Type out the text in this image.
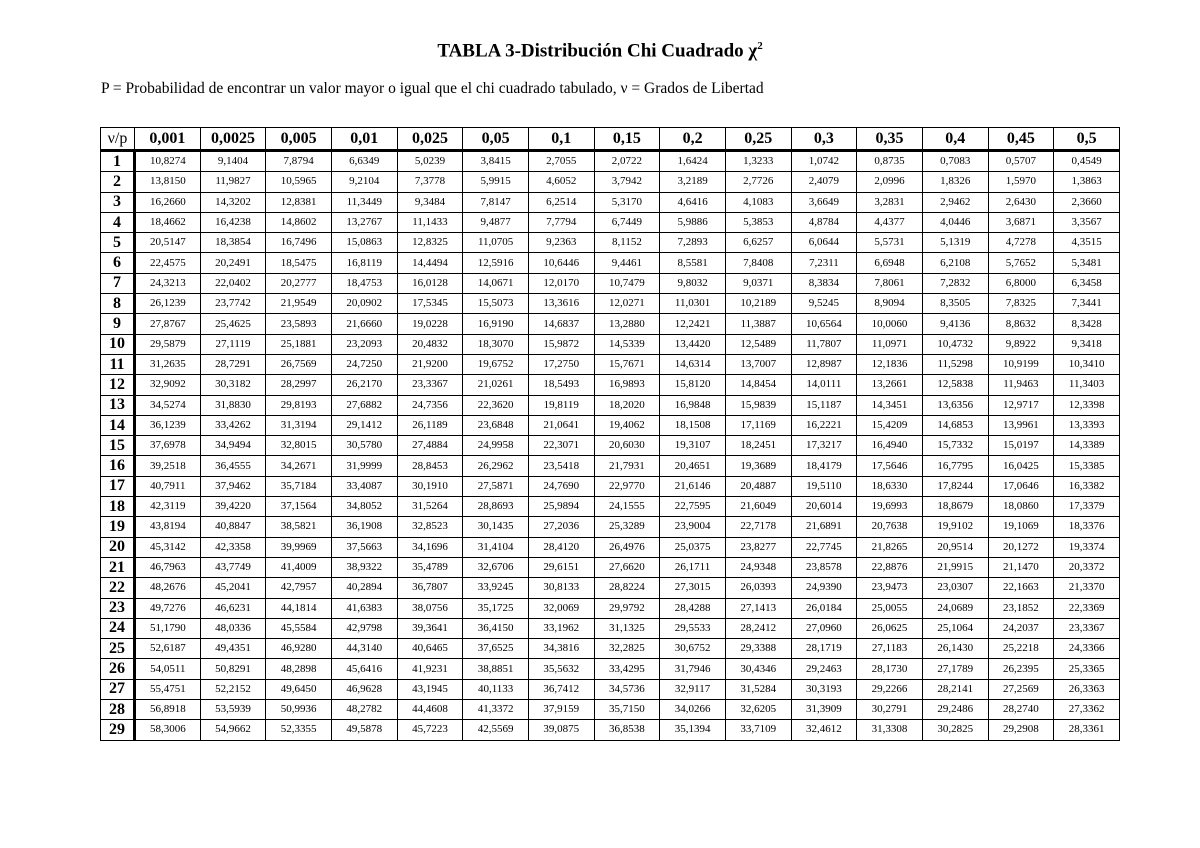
TABLA 3-Distribución Chi Cuadrado $\chi^2$
P = Probabilidad de encontrar un valor mayor o igual que el chi cuadrado tabulado, ν = Grados de Libertad
ν/p	0,001	0,0025	0,005	0,01	0,025	0,05	0,1	0,15	0,2	0,25	0,3	0,35	0,4	0,45	0,5
1	10,8274	9,1404	7,8794	6,6349	5,0239	3,8415	2,7055	2,0722	1,6424	1,3233	1,0742	0,8735	0,7083	0,5707	0,4549
2	13,8150	11,9827	10,5965	9,2104	7,3778	5,9915	4,6052	3,7942	3,2189	2,7726	2,4079	2,0996	1,8326	1,5970	1,3863
3	16,2660	14,3202	12,8381	11,3449	9,3484	7,8147	6,2514	5,3170	4,6416	4,1083	3,6649	3,2831	2,9462	2,6430	2,3660
4	18,4662	16,4238	14,8602	13,2767	11,1433	9,4877	7,7794	6,7449	5,9886	5,3853	4,8784	4,4377	4,0446	3,6871	3,3567
5	20,5147	18,3854	16,7496	15,0863	12,8325	11,0705	9,2363	8,1152	7,2893	6,6257	6,0644	5,5731	5,1319	4,7278	4,3515
6	22,4575	20,2491	18,5475	16,8119	14,4494	12,5916	10,6446	9,4461	8,5581	7,8408	7,2311	6,6948	6,2108	5,7652	5,3481
7	24,3213	22,0402	20,2777	18,4753	16,0128	14,0671	12,0170	10,7479	9,8032	9,0371	8,3834	7,8061	7,2832	6,8000	6,3458
8	26,1239	23,7742	21,9549	20,0902	17,5345	15,5073	13,3616	12,0271	11,0301	10,2189	9,5245	8,9094	8,3505	7,8325	7,3441
9	27,8767	25,4625	23,5893	21,6660	19,0228	16,9190	14,6837	13,2880	12,2421	11,3887	10,6564	10,0060	9,4136	8,8632	8,3428
10	29,5879	27,1119	25,1881	23,2093	20,4832	18,3070	15,9872	14,5339	13,4420	12,5489	11,7807	11,0971	10,4732	9,8922	9,3418
11	31,2635	28,7291	26,7569	24,7250	21,9200	19,6752	17,2750	15,7671	14,6314	13,7007	12,8987	12,1836	11,5298	10,9199	10,3410
12	32,9092	30,3182	28,2997	26,2170	23,3367	21,0261	18,5493	16,9893	15,8120	14,8454	14,0111	13,2661	12,5838	11,9463	11,3403
13	34,5274	31,8830	29,8193	27,6882	24,7356	22,3620	19,8119	18,2020	16,9848	15,9839	15,1187	14,3451	13,6356	12,9717	12,3398
14	36,1239	33,4262	31,3194	29,1412	26,1189	23,6848	21,0641	19,4062	18,1508	17,1169	16,2221	15,4209	14,6853	13,9961	13,3393
15	37,6978	34,9494	32,8015	30,5780	27,4884	24,9958	22,3071	20,6030	19,3107	18,2451	17,3217	16,4940	15,7332	15,0197	14,3389
16	39,2518	36,4555	34,2671	31,9999	28,8453	26,2962	23,5418	21,7931	20,4651	19,3689	18,4179	17,5646	16,7795	16,0425	15,3385
17	40,7911	37,9462	35,7184	33,4087	30,1910	27,5871	24,7690	22,9770	21,6146	20,4887	19,5110	18,6330	17,8244	17,0646	16,3382
18	42,3119	39,4220	37,1564	34,8052	31,5264	28,8693	25,9894	24,1555	22,7595	21,6049	20,6014	19,6993	18,8679	18,0860	17,3379
19	43,8194	40,8847	38,5821	36,1908	32,8523	30,1435	27,2036	25,3289	23,9004	22,7178	21,6891	20,7638	19,9102	19,1069	18,3376
20	45,3142	42,3358	39,9969	37,5663	34,1696	31,4104	28,4120	26,4976	25,0375	23,8277	22,7745	21,8265	20,9514	20,1272	19,3374
21	46,7963	43,7749	41,4009	38,9322	35,4789	32,6706	29,6151	27,6620	26,1711	24,9348	23,8578	22,8876	21,9915	21,1470	20,3372
22	48,2676	45,2041	42,7957	40,2894	36,7807	33,9245	30,8133	28,8224	27,3015	26,0393	24,9390	23,9473	23,0307	22,1663	21,3370
23	49,7276	46,6231	44,1814	41,6383	38,0756	35,1725	32,0069	29,9792	28,4288	27,1413	26,0184	25,0055	24,0689	23,1852	22,3369
24	51,1790	48,0336	45,5584	42,9798	39,3641	36,4150	33,1962	31,1325	29,5533	28,2412	27,0960	26,0625	25,1064	24,2037	23,3367
25	52,6187	49,4351	46,9280	44,3140	40,6465	37,6525	34,3816	32,2825	30,6752	29,3388	28,1719	27,1183	26,1430	25,2218	24,3366
26	54,0511	50,8291	48,2898	45,6416	41,9231	38,8851	35,5632	33,4295	31,7946	30,4346	29,2463	28,1730	27,1789	26,2395	25,3365
27	55,4751	52,2152	49,6450	46,9628	43,1945	40,1133	36,7412	34,5736	32,9117	31,5284	30,3193	29,2266	28,2141	27,2569	26,3363
28	56,8918	53,5939	50,9936	48,2782	44,4608	41,3372	37,9159	35,7150	34,0266	32,6205	31,3909	30,2791	29,2486	28,2740	27,3362
29	58,3006	54,9662	52,3355	49,5878	45,7223	42,5569	39,0875	36,8538	35,1394	33,7109	32,4612	31,3308	30,2825	29,2908	28,3361
